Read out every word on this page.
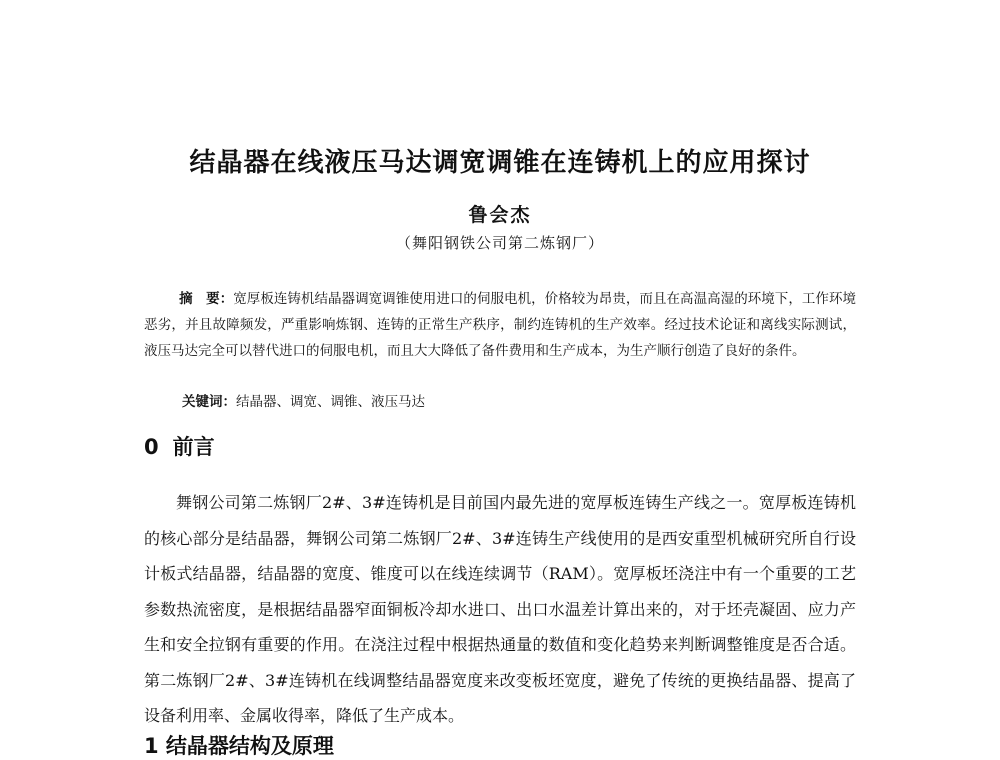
结晶器在线液压马达调宽调锥在连铸机上的应用探讨
鲁会杰
（舞阳钢铁公司第二炼钢厂）

摘　要：宽厚板连铸机结晶器调宽调锥使用进口的伺服电机，价格较为昂贵，而且在高温高湿的环境下，工作环境恶劣，并且故障频发，严重影响炼钢、连铸的正常生产秩序，制约连铸机的生产效率。经过技术论证和离线实际测试，液压马达完全可以替代进口的伺服电机，而且大大降低了备件费用和生产成本，为生产顺行创造了良好的条件。

关键词：结晶器、调宽、调锥、液压马达
0 前言

舞钢公司第二炼钢厂2#、3#连铸机是目前国内最先进的宽厚板连铸生产线之一。宽厚板连铸机的核心部分是结晶器，舞钢公司第二炼钢厂2#、3#连铸生产线使用的是西安重型机械研究所自行设计板式结晶器，结晶器的宽度、锥度可以在线连续调节（RAM）。宽厚板坯浇注中有一个重要的工艺参数热流密度，是根据结晶器窄面铜板冷却水进口、出口水温差计算出来的，对于坯壳凝固、应力产生和安全拉钢有重要的作用。在浇注过程中根据热通量的数值和变化趋势来判断调整锥度是否合适。第二炼钢厂2#、3#连铸机在线调整结晶器宽度来改变板坯宽度，避免了传统的更换结晶器、提高了设备利用率、金属收得率，降低了生产成本。

1 结晶器结构及原理
